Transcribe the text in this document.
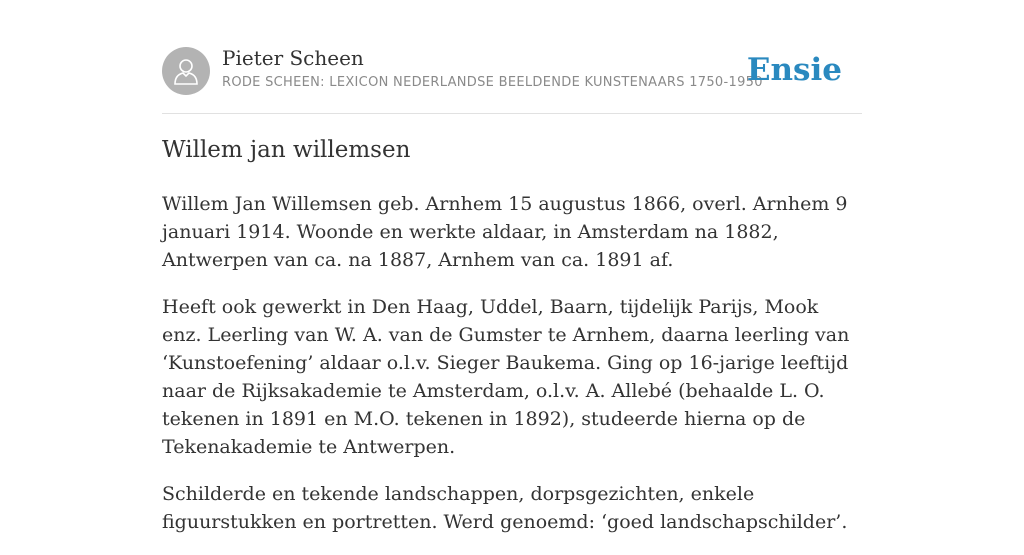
Pieter Scheen
RODE SCHEEN: LEXICON NEDERLANDSE BEELDENDE KUNSTENAARS 1750-1950
Ensie
Willem jan willemsen

Willem Jan Willemsen geb. Arnhem 15 augustus 1866, overl. Arnhem 9 januari 1914. Woonde en werkte aldaar, in Amsterdam na 1882, Antwerpen van ca. na 1887, Arnhem van ca. 1891 af.

Heeft ook gewerkt in Den Haag, Uddel, Baarn, tijdelijk Parijs, Mook enz. Leerling van W. A. van de Gumster te Arnhem, daarna leerling van ‘Kunstoefening’ aldaar o.l.v. Sieger Baukema. Ging op 16-jarige leeftijd naar de Rijksakademie te Amsterdam, o.l.v. A. Allebé (behaalde L. O. tekenen in 1891 en M.O. tekenen in 1892), studeerde hierna op de Tekenakademie te Antwerpen.

Schilderde en tekende landschappen, dorpsgezichten, enkele figuurstukken en portretten. Werd genoemd: ‘goed landschapschilder’.
